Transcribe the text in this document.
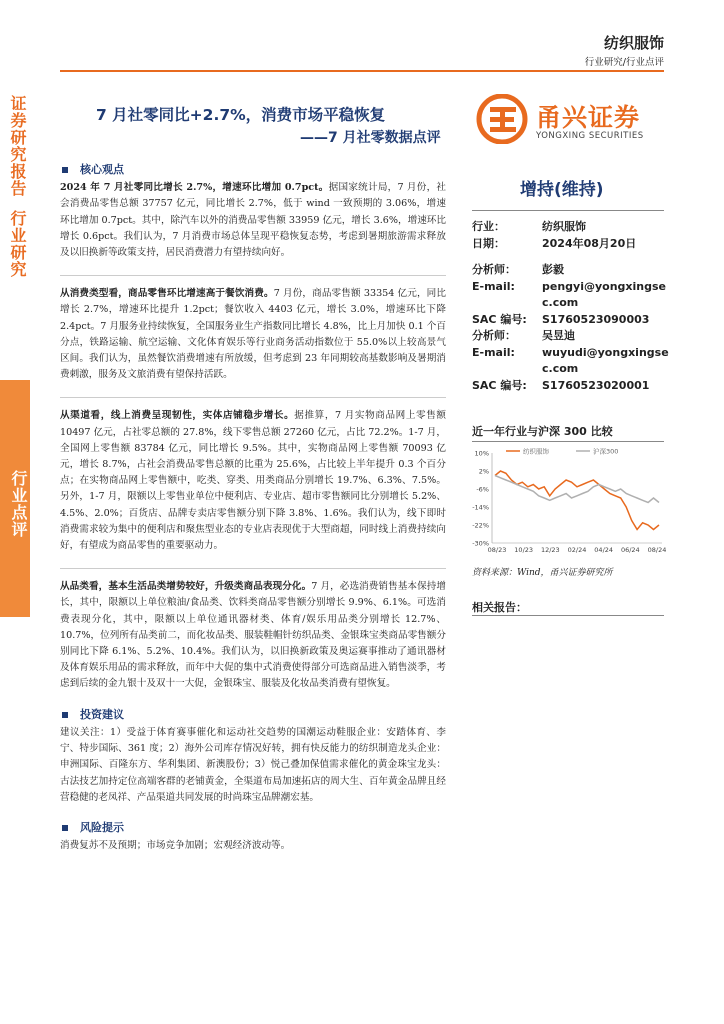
纺织服饰
行业研究/行业点评
证券研究报告
行业研究
行业点评
7 月社零同比+2.7%，消费市场平稳恢复
——7 月社零数据点评
甬兴证券
YONGXING SECURITIES
核心观点
2024 年 7 月社零同比增长 2.7%，增速环比增加 0.7pct。据国家统计局，7 月份，社会消费品零售总额 37757 亿元，同比增长 2.7%，低于 wind 一致预期的 3.06%，增速环比增加 0.7pct。其中，除汽车以外的消费品零售额 33959 亿元，增长 3.6%，增速环比增长 0.6pct。我们认为，7 月消费市场总体呈现平稳恢复态势，考虑到暑期旅游需求释放及以旧换新等政策支持，居民消费潜力有望持续向好。
从消费类型看，商品零售环比增速高于餐饮消费。7 月份，商品零售额 33354 亿元，同比增长 2.7%，增速环比提升 1.2pct；餐饮收入 4403 亿元，增长 3.0%，增速环比下降 2.4pct。7 月服务业持续恢复，全国服务业生产指数同比增长 4.8%，比上月加快 0.1 个百分点，铁路运输、航空运输、文化体育娱乐等行业商务活动指数位于 55.0%以上较高景气区间。我们认为，虽然餐饮消费增速有所放缓，但考虑到 23 年同期较高基数影响及暑期消费刺激，服务及文旅消费有望保持活跃。
从渠道看，线上消费呈现韧性，实体店铺稳步增长。据推算，7 月实物商品网上零售额 10497 亿元，占社零总额的 27.8%，线下零售总额 27260 亿元，占比 72.2%。1-7 月，全国网上零售额 83784 亿元，同比增长 9.5%。其中，实物商品网上零售额 70093 亿元，增长 8.7%，占社会消费品零售总额的比重为 25.6%，占比较上半年提升 0.3 个百分点；在实物商品网上零售额中，吃类、穿类、用类商品分别增长 19.7%、6.3%、7.5%。另外，1-7 月，限额以上零售业单位中便利店、专业店、超市零售额同比分别增长 5.2%、4.5%、2.0%；百货店、品牌专卖店零售额分别下降 3.8%、1.6%。我们认为，线下即时消费需求较为集中的便利店和聚焦型业态的专业店表现优于大型商超，同时线上消费持续向好，有望成为商品零售的重要驱动力。
从品类看，基本生活品类增势较好，升级类商品表现分化。7 月，必选消费销售基本保持增长，其中，限额以上单位粮油/食品类、饮料类商品零售额分别增长 9.9%、6.1%。可选消费表现分化，其中，限额以上单位通讯器材类、体育/娱乐用品类分别增长 12.7%、10.7%，位列所有品类前二，而化妆品类、服装鞋帽针纺织品类、金银珠宝类商品零售额分别同比下降 6.1%、5.2%、10.4%。我们认为，以旧换新政策及奥运赛事推动了通讯器材及体育娱乐用品的需求释放，而年中大促的集中式消费使得部分可选商品进入销售淡季，考虑到后续的金九银十及双十一大促，金银珠宝、服装及化妆品类消费有望恢复。
投资建议
建议关注：1）受益于体育赛事催化和运动社交趋势的国潮运动鞋服企业：安踏体育、李宁、特步国际、361 度；2）海外公司库存情况好转，拥有快反能力的纺织制造龙头企业：申洲国际、百隆东方、华利集团、新澳股份；3）悦己叠加保值需求催化的黄金珠宝龙头：古法技艺加持定位高端客群的老铺黄金，全渠道布局加速拓店的周大生、百年黄金品牌且经营稳健的老凤祥、产品渠道共同发展的时尚珠宝品牌潮宏基。
风险提示
消费复苏不及预期；市场竞争加剧；宏观经济波动等。
增持(维持)
行业：	纺织服饰
日期：	2024年08月20日
分析师：	彭毅
E-mail:	pengyi@yongxingsec.com
SAC 编号:	S1760523090003
分析师：	吴昱迪
E-mail:	wuyudi@yongxingsec.com
SAC 编号:	S1760523020001
近一年行业与沪深 300 比较
10%
2%
-6%
-14%
-22%
-30%
08/23 10/23 12/23 02/24 04/24 06/24 08/24
纺织服饰	沪深300
资料来源：Wind，甬兴证券研究所
相关报告：
